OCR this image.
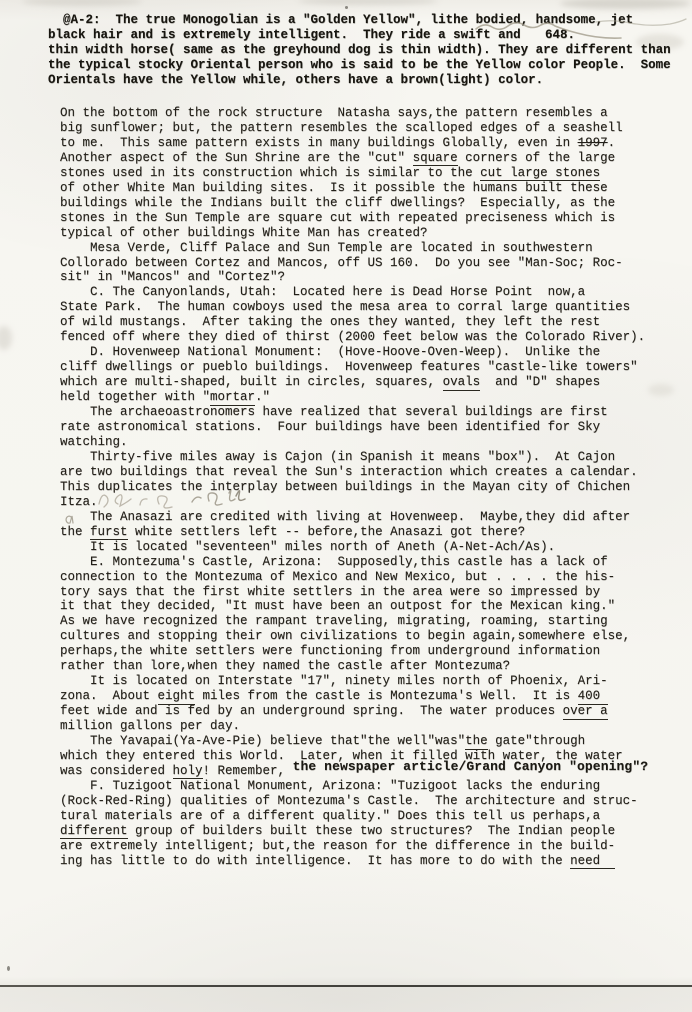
@A-2:  The true Monogolian is a "Golden Yellow", lithe bodied, handsome, jet
black hair and is extremely intelligent.  They ride a swift and
thin width horse( same as the greyhound dog is thin width). They are different than
the typical stocky Oriental person who is said to be the Yellow color People.  Some
Orientals have the Yellow while, others have a brown(light) color.
648.
On the bottom of the rock structure  Natasha says,the pattern resembles a
big sunflower; but, the pattern resembles the scalloped edges of a seashell
to me.  This same pattern exists in many buildings Globally, even in 1997.
Another aspect of the Sun Shrine are the "cut" square corners of the large
stones used in its construction which is similar to the cut large stones
of other White Man building sites.  Is it possible the humans built these
buildings while the Indians built the cliff dwellings?  Especially, as the
stones in the Sun Temple are square cut with repeated preciseness which is
typical of other buildings White Man has created?
Mesa Verde, Cliff Palace and Sun Temple are located in southwestern
Collorado between Cortez and Mancos, off US 160.  Do you see "Man-Soc; Roc-
sit" in "Mancos" and "Cortez"?
C. The Canyonlands, Utah:  Located here is Dead Horse Point  now,a
State Park.  The human cowboys used the mesa area to corral large quantities
of wild mustangs.  After taking the ones they wanted, they left the rest
fenced off where they died of thirst (2000 feet below was the Colorado River).
D. Hovenweep National Monument:  (Hove-Hoove-Oven-Weep).  Unlike the
cliff dwellings or pueblo buildings.  Hovenweep features "castle-like towers"
which are multi-shaped, built in circles, squares, ovals  and "D" shapes
held together with "mortar."
The archaeoastronomers have realized that several buildings are first
rate astronomical stations.  Four buildings have been identified for Sky
watching.
Thirty-five miles away is Cajon (in Spanish it means "box").  At Cajon
are two buildings that reveal the Sun's interaction which creates a calendar.
This duplicates the interplay between buildings in the Mayan city of Chichen
Itza.
The Anasazi are credited with living at Hovenweep.  Maybe,they did after
the furst white settlers left -- before,the Anasazi got there?
It is located "seventeen" miles north of Aneth (A-Net-Ach/As).
E. Montezuma's Castle, Arizona:  Supposedly,this castle has a lack of
connection to the Montezuma of Mexico and New Mexico, but . . . . the his-
tory says that the first white settlers in the area were so impressed by
it that they decided, "It must have been an outpost for the Mexican king."
As we have recognized the rampant traveling, migrating, roaming, starting
cultures and stopping their own civilizations to begin again,somewhere else,
perhaps,the white settlers were functioning from underground information
rather than lore,when they named the castle after Montezuma?
It is located on Interstate "17", ninety miles north of Phoenix, Ari-
zona.  About eight miles from the castle is Montezuma's Well.  It is 400
feet wide and is fed by an underground spring.  The water produces over a
million gallons per day.
The Yavapai(Ya-Ave-Pie) believe that"the well"was"the gate"through
which they entered this World.  Later, when it filled with water, the water
was considered holy! Remember, the newspaper article/Grand Canyon "opening"?
F. Tuzigoot National Monument, Arizona: "Tuzigoot lacks the enduring
(Rock-Red-Ring) qualities of Montezuma's Castle.  The architecture and struc-
tural materials are of a different quality." Does this tell us perhaps,a
different group of builders built these two structures?  The Indian people
are extremely intelligent; but,the reason for the difference in the build-
ing has little to do with intelligence.  It has more to do with the need
